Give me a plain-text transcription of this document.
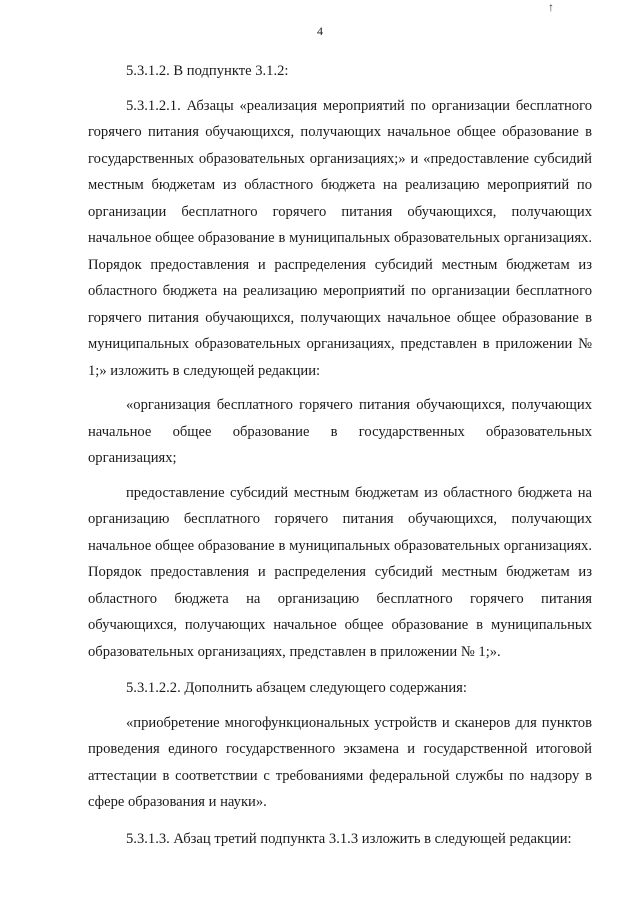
↑
4

5.3.1.2. В подпункте 3.1.2:

5.3.1.2.1. Абзацы «реализация мероприятий по организации бесплатного горячего питания обучающихся, получающих начальное общее образование в государственных образовательных организациях;» и «предоставление субсидий местным бюджетам из областного бюджета на реализацию мероприятий по организации бесплатного горячего питания обучающихся, получающих начальное общее образование в муниципальных образовательных организациях. Порядок предоставления и распределения субсидий местным бюджетам из областного бюджета на реализацию мероприятий по организации бесплатного горячего питания обучающихся, получающих начальное общее образование в муниципальных образовательных организациях, представлен в приложении № 1;» изложить в следующей редакции:

«организация бесплатного горячего питания обучающихся, получающих начальное общее образование в государственных образовательных организациях;

предоставление субсидий местным бюджетам из областного бюджета на организацию бесплатного горячего питания обучающихся, получающих начальное общее образование в муниципальных образовательных организациях. Порядок предоставления и распределения субсидий местным бюджетам из областного бюджета на организацию бесплатного горячего питания обучающихся, получающих начальное общее образование в муниципальных образовательных организациях, представлен в приложении № 1;».

5.3.1.2.2. Дополнить абзацем следующего содержания:

«приобретение многофункциональных устройств и сканеров для пунктов проведения единого государственного экзамена и государственной итоговой аттестации в соответствии с требованиями федеральной службы по надзору в сфере образования и науки».

5.3.1.3. Абзац третий подпункта 3.1.3 изложить в следующей редакции:
